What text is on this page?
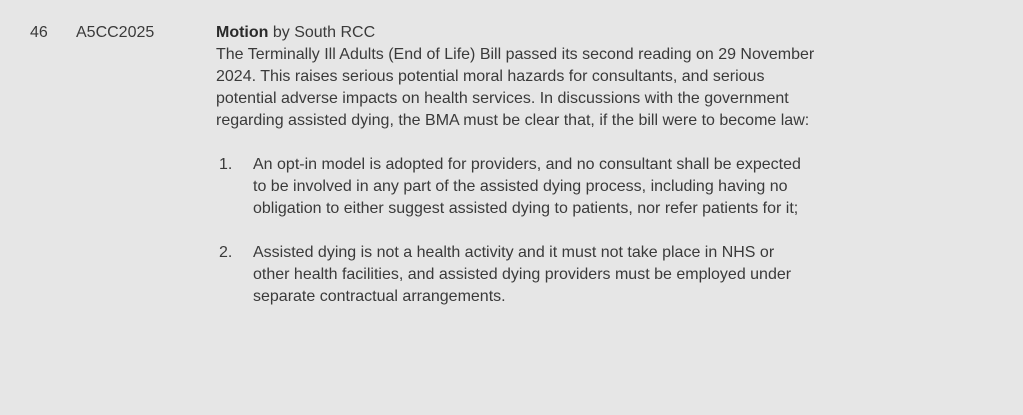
46 A5CC2025	Motion by South RCC

The Terminally Ill Adults (End of Life) Bill passed its second reading on 29 November
2024. This raises serious potential moral hazards for consultants, and serious
potential adverse impacts on health services. In discussions with the government
regarding assisted dying, the BMA must be clear that, if the bill were to become law:

1. An opt-in model is adopted for providers, and no consultant shall be expected
to be involved in any part of the assisted dying process, including having no
obligation to either suggest assisted dying to patients, nor refer patients for it;
2. Assisted dying is not a health activity and it must not take place in NHS or
other health facilities, and assisted dying providers must be employed under
separate contractual arrangements.
